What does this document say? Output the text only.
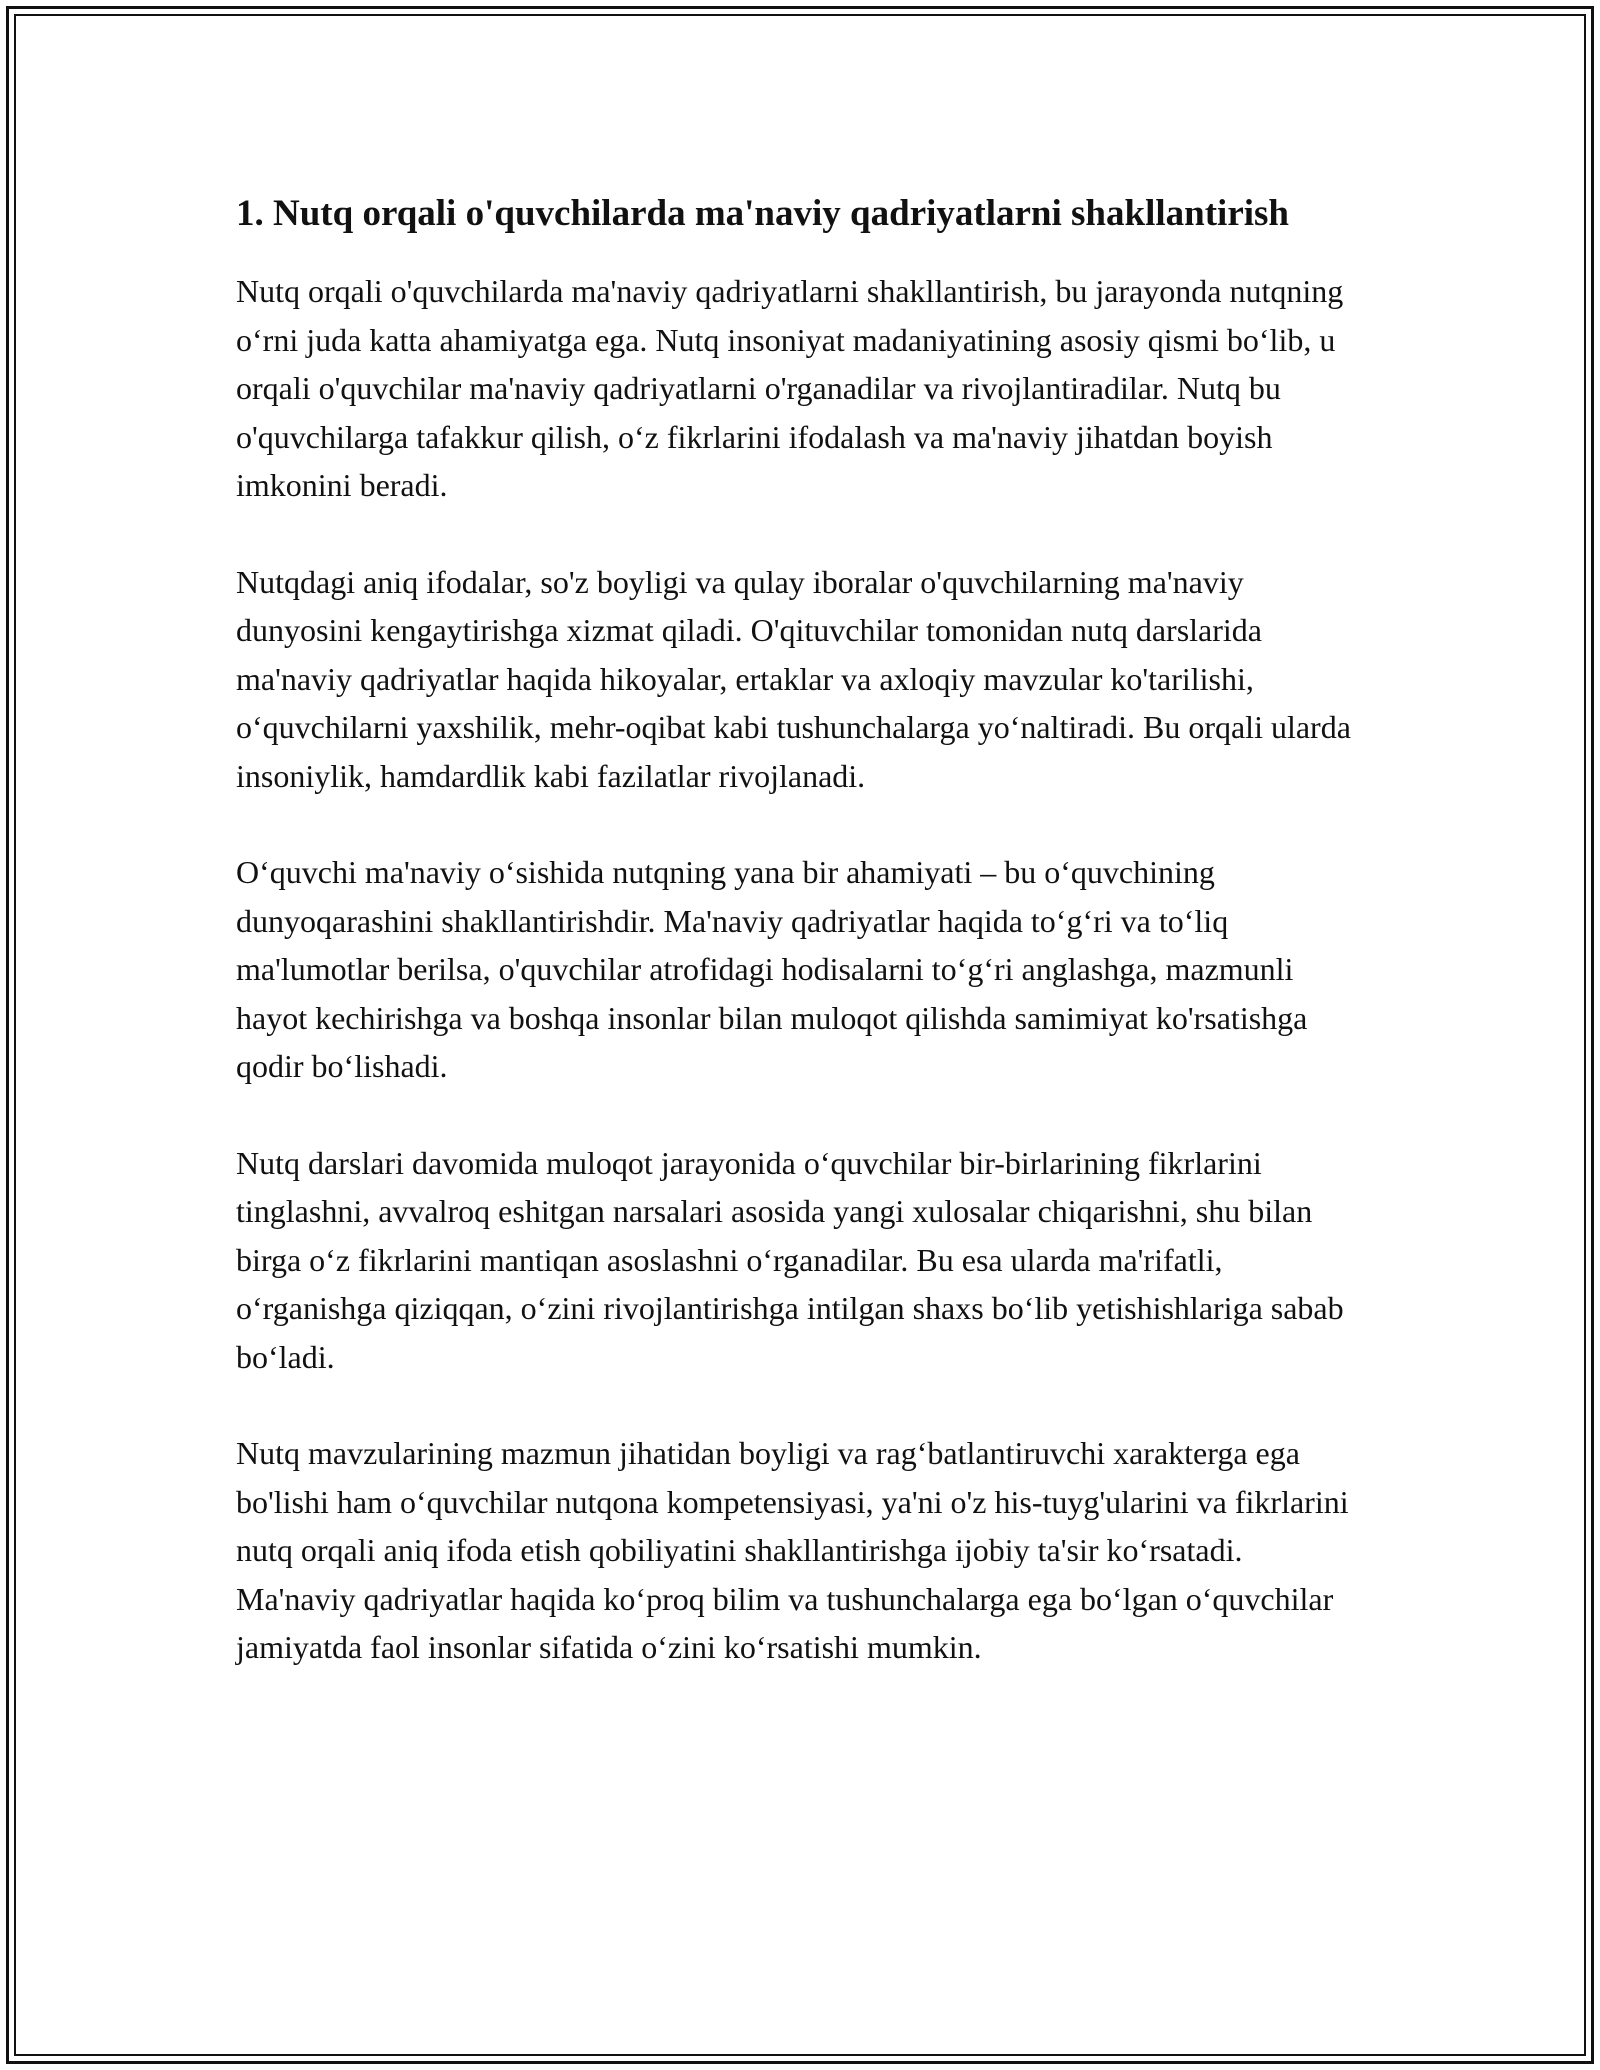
1. Nutq orqali o'quvchilarda ma'naviy qadriyatlarni shakllantirish

Nutq orqali o'quvchilarda ma'naviy qadriyatlarni shakllantirish, bu jarayonda nutqning o‘rni juda katta ahamiyatga ega. Nutq insoniyat madaniyatining asosiy qismi bo‘lib, u orqali o'quvchilar ma'naviy qadriyatlarni o'rganadilar va rivojlantiradilar. Nutq bu o'quvchilarga tafakkur qilish, o‘z fikrlarini ifodalash va ma'naviy jihatdan boyish imkonini beradi.

Nutqdagi aniq ifodalar, so'z boyligi va qulay iboralar o'quvchilarning ma'naviy dunyosini kengaytirishga xizmat qiladi. O'qituvchilar tomonidan nutq darslarida ma'naviy qadriyatlar haqida hikoyalar, ertaklar va axloqiy mavzular ko'tarilishi, o‘quvchilarni yaxshilik, mehr-oqibat kabi tushunchalarga yo‘naltiradi. Bu orqali ularda insoniylik, hamdardlik kabi fazilatlar rivojlanadi.

O‘quvchi ma'naviy o‘sishida nutqning yana bir ahamiyati – bu o‘quvchining dunyoqarashini shakllantirishdir. Ma'naviy qadriyatlar haqida to‘g‘ri va to‘liq ma'lumotlar berilsa, o'quvchilar atrofidagi hodisalarni to‘g‘ri anglashga, mazmunli hayot kechirishga va boshqa insonlar bilan muloqot qilishda samimiyat ko'rsatishga qodir bo‘lishadi.

Nutq darslari davomida muloqot jarayonida o‘quvchilar bir-birlarining fikrlarini tinglashni, avvalroq eshitgan narsalari asosida yangi xulosalar chiqarishni, shu bilan birga o‘z fikrlarini mantiqan asoslashni o‘rganadilar. Bu esa ularda ma'rifatli, o‘rganishga qiziqqan, o‘zini rivojlantirishga intilgan shaxs bo‘lib yetishishlariga sabab bo‘ladi.

Nutq mavzularining mazmun jihatidan boyligi va rag‘batlantiruvchi xarakterga ega bo'lishi ham o‘quvchilar nutqona kompetensiyasi, ya'ni o'z his-tuyg'ularini va fikrlarini nutq orqali aniq ifoda etish qobiliyatini shakllantirishga ijobiy ta'sir ko‘rsatadi. Ma'naviy qadriyatlar haqida ko‘proq bilim va tushunchalarga ega bo‘lgan o‘quvchilar jamiyatda faol insonlar sifatida o‘zini ko‘rsatishi mumkin.
